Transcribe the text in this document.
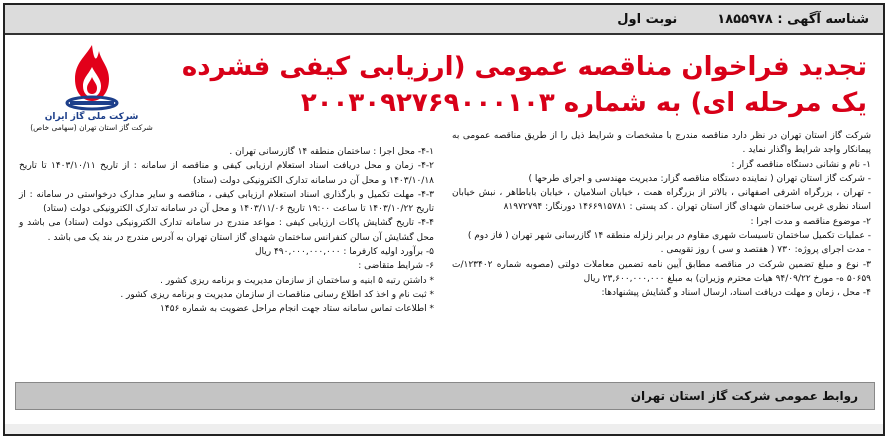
شناسه آگهی : ۱۸۵۵۹۷۸
نوبت اول
شرکت ملی گاز ایران
شرکت گاز استان تهران (سهامی خاص)
تجدید فراخوان مناقصه عمومی (ارزیابی کیفی فشرده
یک مرحله ای) به شماره ۲۰۰۳۰۹۲۷۶۹۰۰۰۱۰۳

شرکت گاز استان تهران در نظر دارد مناقصه مندرج با مشخصات و شرایط ذیل را از طریق مناقصه عمومی به پیمانکار واجد شرایط واگذار نماید .

۱- نام و نشانی دستگاه مناقصه گزار :

- شرکت گاز استان تهران ( نماینده دستگاه مناقصه گزار: مدیریت مهندسی و اجرای طرحها )

- تهران ، بزرگراه اشرفی اصفهانی ، بالاتر از بزرگراه همت ، خیابان اسلامیان ، خیابان باباطاهر ، نبش خیابان اسناد نظری غربی ساختمان شهدای گاز استان تهران . کد پستی : ۱۴۶۶۹۱۵۷۸۱ دورنگار: ۸۱۹۷۲۷۹۴

۲- موضوع مناقصه و مدت اجرا :

- عملیات تکمیل ساختمان تاسیسات شهری مقاوم در برابر زلزله منطقه ۱۴ گازرسانی شهر تهران ( فاز دوم )

- مدت اجرای پروژه: ۷۳۰ ( هفتصد و سی ) روز تقویمی .

۳- نوع و مبلغ تضمین شرکت در مناقصه مطابق آیین نامه تضمین معاملات دولتی (مصوبه شماره ۱۲۳۴۰۲/ت ۵۰۶۵۹ ه- مورخ ۹۴/۰۹/۲۲ هیات محترم وزیران) به مبلغ ۲۳,۶۰۰,۰۰۰,۰۰۰ ریال

۴- محل ، زمان و مهلت دریافت اسناد، ارسال اسناد و گشایش پیشنهادها:

۴-۱- محل اجرا : ساختمان منطقه ۱۴ گازرسانی تهران .

۴-۲- زمان و محل دریافت اسناد استعلام ارزیابی کیفی و مناقصه از سامانه : از تاریخ ۱۴۰۳/۱۰/۱۱ تا تاریخ ۱۴۰۳/۱۰/۱۸ و محل آن در سامانه تدارک الکترونیکی دولت (ستاد)

۴-۳- مهلت تکمیل و بارگذاری اسناد استعلام ارزیابی کیفی ، مناقصه و سایر مدارک درخواستی در سامانه : از تاریخ ۱۴۰۳/۱۰/۲۲ تا ساعت ۱۹:۰۰ تاریخ ۱۴۰۳/۱۱/۰۶ و محل آن در سامانه تدارک الکترونیکی دولت (ستاد)

۴-۴- تاریخ گشایش پاکات ارزیابی کیفی : مواعد مندرج در سامانه تدارک الکترونیکی دولت (ستاد) می باشد و محل گشایش آن سالن کنفرانس ساختمان شهدای گاز استان تهران به آدرس مندرج در بند یک می باشد .

۵- برآورد اولیه کارفرما : ۴۹۰,۰۰۰,۰۰۰,۰۰۰ ریال

۶- شرایط متقاضی :

* داشتن رتبه ۵ ابنیه و ساختمان از سازمان مدیریت و برنامه ریزی کشور .

* ثبت نام و اخذ کد اطلاع رسانی مناقصات از سازمان مدیریت و برنامه ریزی کشور .

* اطلاعات تماس سامانه ستاد جهت انجام مراحل عضویت به شماره ۱۴۵۶

روابط عمومی شرکت گاز استان تهران
